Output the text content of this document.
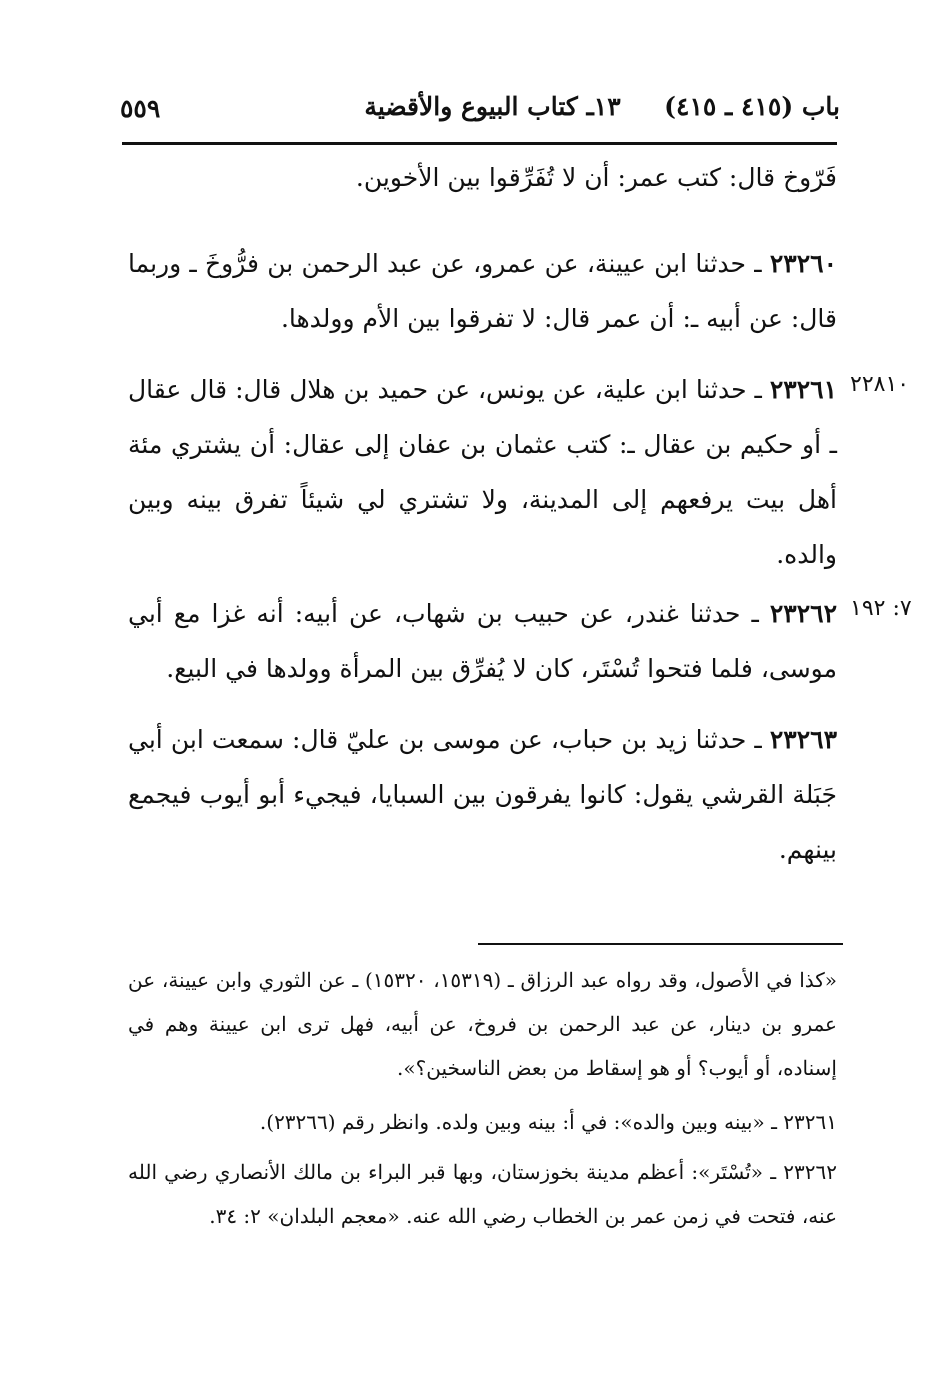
٥٥٩	باب (٤١٥ ـ ٤١٥)     ١٣ـ كتاب البيوع والأقضية

فَرّوخ قال: كتب عمر: أن لا تُفَرِّقوا بين الأخوين.

٢٣٢٦٠ ـ حدثنا ابن عيينة، عن عمرو، عن عبد الرحمن بن فرُّوخَ ـ وربما قال: عن أبيه ـ: أن عمر قال: لا تفرقوا بين الأم وولدها.

٢٢٨١٠

٢٣٢٦١ ـ حدثنا ابن علية، عن يونس، عن حميد بن هلال قال: قال عقال ـ أو حكيم بن عقال ـ: كتب عثمان بن عفان إلى عقال: أن يشتري مئة أهل بيت يرفعهم إلى المدينة، ولا تشتري لي شيئاً تفرق بينه وبين والده.

٧: ١٩٢

٢٣٢٦٢ ـ حدثنا غندر، عن حبيب بن شهاب، عن أبيه: أنه غزا مع أبي موسى، فلما فتحوا تُسْتَر، كان لا يُفرِّق بين المرأة وولدها في البيع.

٢٣٢٦٣ ـ حدثنا زيد بن حباب، عن موسى بن عليّ قال: سمعت ابن أبي جَبَلة القرشي يقول: كانوا يفرقون بين السبايا، فيجيء أبو أيوب فيجمع بينهم.

«كذا في الأصول، وقد رواه عبد الرزاق ـ (١٥٣١٩، ١٥٣٢٠) ـ عن الثوري وابن عيينة، عن عمرو بن دينار، عن عبد الرحمن بن فروخ، عن أبيه، فهل ترى ابن عيينة وهم في إسناده، أو أيوب؟ أو هو إسقاط من بعض الناسخين؟».

٢٣٢٦١ ـ «بينه وبين والده»: في أ: بينه وبين ولده. وانظر رقم (٢٣٢٦٦).

٢٣٢٦٢ ـ «تُسْتَر»: أعظم مدينة بخوزستان، وبها قبر البراء بن مالك الأنصاري رضي الله عنه، فتحت في زمن عمر بن الخطاب رضي الله عنه. «معجم البلدان» ٢: ٣٤.
